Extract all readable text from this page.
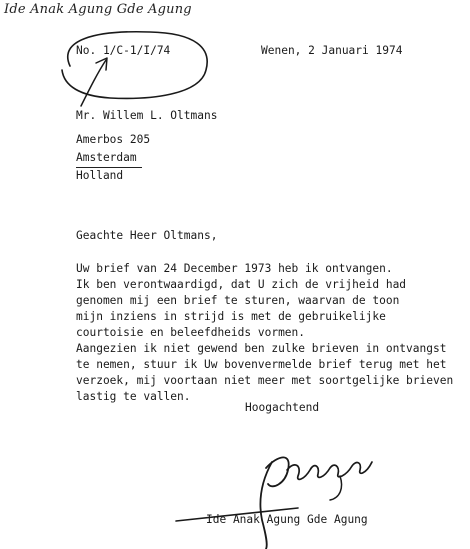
Ide Anak Agung Gde Agung
No. 1/C-1/I/74	Wenen, 2 Januari 1974
Mr. Willem L. Oltmans
Amerbos 205
Amsterdam
Holland
Geachte Heer Oltmans,
Uw brief van 24 December 1973 heb ik ontvangen.
Ik ben verontwaardigd, dat U zich de vrijheid had
genomen mij een brief te sturen, waarvan de toon
mijn inziens in strijd is met de gebruikelijke
courtoisie en beleefdheids vormen.
Aangezien ik niet gewend ben zulke brieven in ontvangst
te nemen, stuur ik Uw bovenvermelde brief terug met het
verzoek, mij voortaan niet meer met soortgelijke brieven
lastig te vallen.
Hoogachtend
Ide Anak Agung Gde Agung
